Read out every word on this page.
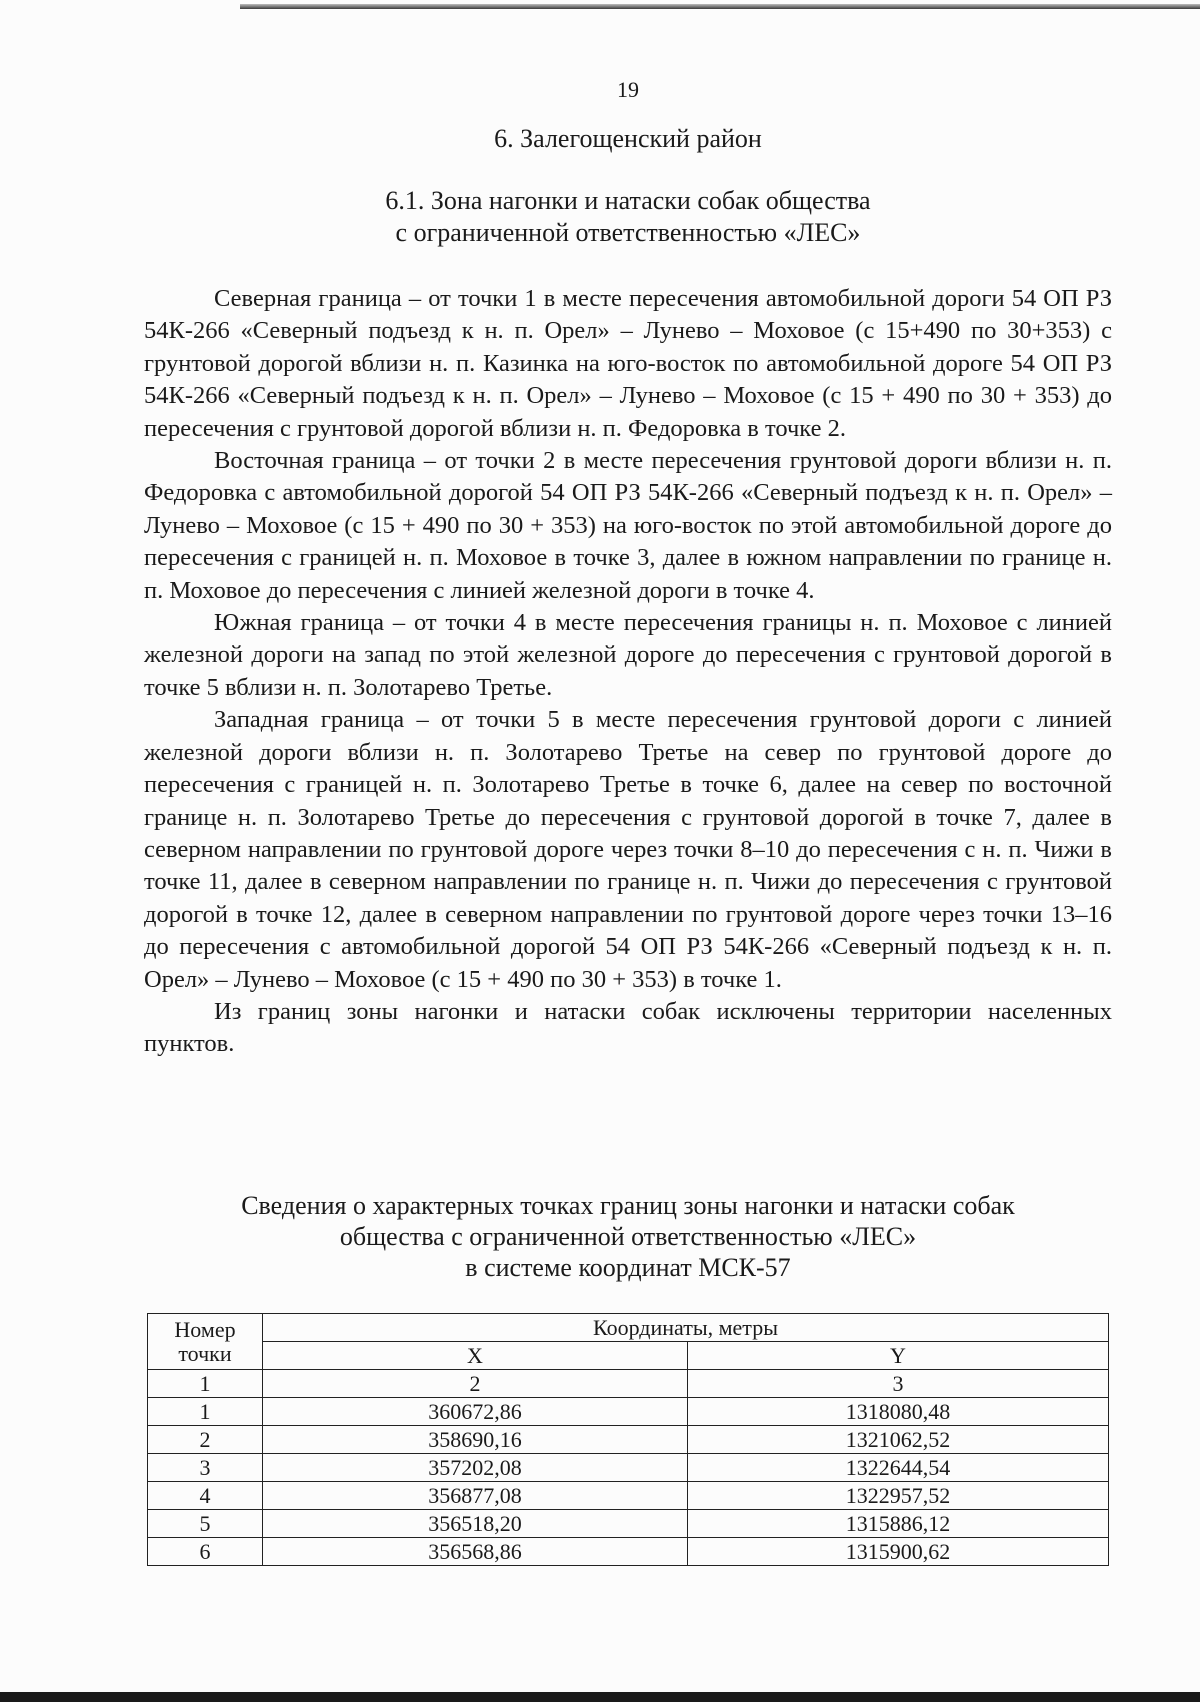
19
6. Залегощенский район
6.1. Зона нагонки и натаски собак общества
с ограниченной ответственностью «ЛЕС»

Северная граница – от точки 1 в месте пересечения автомобильной дороги 54 ОП РЗ 54К-266 «Северный подъезд к н. п. Орел» – Лунево – Моховое (с 15+490 по 30+353) с грунтовой дорогой вблизи н. п. Казинка на юго-восток по автомобильной дороге 54 ОП РЗ 54К-266 «Северный подъезд к н. п. Орел» – Лунево – Моховое (с 15 + 490 по 30 + 353) до пересечения с грунтовой дорогой вблизи н. п. Федоровка в точке 2.

Восточная граница – от точки 2 в месте пересечения грунтовой дороги вблизи н. п. Федоровка с автомобильной дорогой 54 ОП РЗ 54К-266 «Северный подъезд к н. п. Орел» – Лунево – Моховое (с 15 + 490 по 30 + 353) на юго-восток по этой автомобильной дороге до пересечения с границей н. п. Моховое в точке 3, далее в южном направлении по границе н. п. Моховое до пересечения с линией железной дороги в точке 4.

Южная граница – от точки 4 в месте пересечения границы н. п. Моховое с линией железной дороги на запад по этой железной дороге до пересечения с грунтовой дорогой в точке 5 вблизи н. п. Золотарево Третье.

Западная граница – от точки 5 в месте пересечения грунтовой дороги с линией железной дороги вблизи н. п. Золотарево Третье на север по грунтовой дороге до пересечения с границей н. п. Золотарево Третье в точке 6, далее на север по восточной границе н. п. Золотарево Третье до пересечения с грунтовой дорогой в точке 7, далее в северном направлении по грунтовой дороге через точки 8–10 до пересечения с н. п. Чижи в точке 11, далее в северном направлении по границе н. п. Чижи до пересечения с грунтовой дорогой в точке 12, далее в северном направлении по грунтовой дороге через точки 13–16 до пересечения с автомобильной дорогой 54 ОП РЗ 54К-266 «Северный подъезд к н. п. Орел» – Лунево – Моховое (с 15 + 490 по 30 + 353) в точке 1.

Из границ зоны нагонки и натаски собак исключены территории населенных пунктов.

Сведения о характерных точках границ зоны нагонки и натаски собак
общества с ограниченной ответственностью «ЛЕС»
в системе координат МСК-57
Номер точки	Координаты, метры	
	X	Y
1	2	3
1	360672,86	1318080,48
2	358690,16	1321062,52
3	357202,08	1322644,54
4	356877,08	1322957,52
5	356518,20	1315886,12
6	356568,86	1315900,62
